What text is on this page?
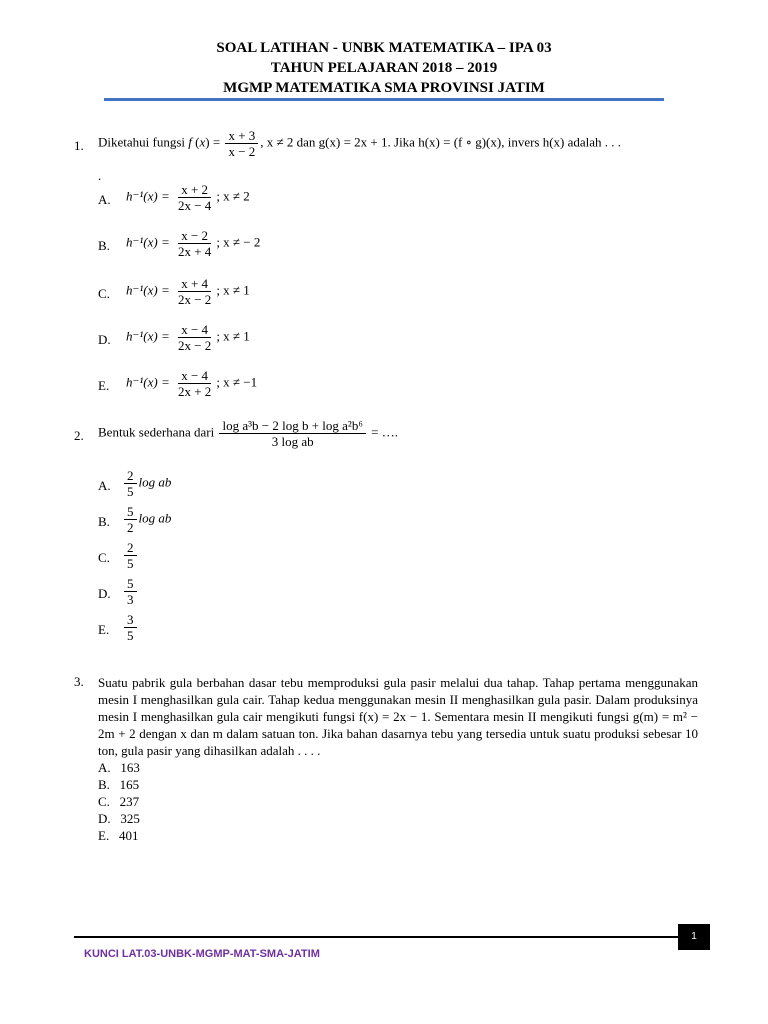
SOAL LATIHAN - UNBK MATEMATIKA – IPA 03
TAHUN PELAJARAN 2018 – 2019
MGMP MATEMATIKA SMA PROVINSI JATIM
1. Diketahui fungsi f $(x) = \frac{x + 3}{x - 2}$ , x ≠ 2 dan g(x) = 2x + 1. Jika h(x) = (f ∘ g)(x), invers h(x) adalah . . .
.
A. $h^{-1}(x) = \frac{x + 2}{2x - 4}$ ; x ≠ 2
B. $h^{-1}(x) = \frac{x - 2}{2x + 4}$ ; x ≠ − 2
C. $h^{-1}(x) = \frac{x + 4}{2x - 2}$ ; x ≠ 1
D. $h^{-1}(x) = \frac{x - 4}{2x - 2}$ ; x ≠ 1
E. $h^{-1}(x) = \frac{x - 4}{2x + 2}$ ; x ≠ −1
2. Bentuk sederhana dari $\frac{\text{log a³b − 2 log b + log a²b⁶}}{\text{3 log ab}}$ = ….
A. $\frac{2}{5}$ log ab
B. $\frac{5}{2}$ log ab
C. $\frac{2}{5}$
D. $\frac{5}{3}$
E. $\frac{3}{5}$
3. Suatu pabrik gula berbahan dasar tebu memproduksi gula pasir melalui dua tahap. Tahap pertama menggunakan mesin I menghasilkan gula cair. Tahap kedua menggunakan mesin II menghasilkan gula pasir. Dalam produksinya mesin I menghasilkan gula cair mengikuti fungsi f(x) = 2x − 1. Sementara mesin II mengikuti fungsi g(m) = m² − 2m + 2 dengan x dan m dalam satuan ton. Jika bahan dasarnya tebu yang tersedia untuk suatu produksi sebesar 10 ton, gula pasir yang dihasilkan adalah . . . .
A. 163
B. 165
C. 237
D. 325
E. 401
1
KUNCI LAT.03-UNBK-MGMP-MAT-SMA-JATIM
